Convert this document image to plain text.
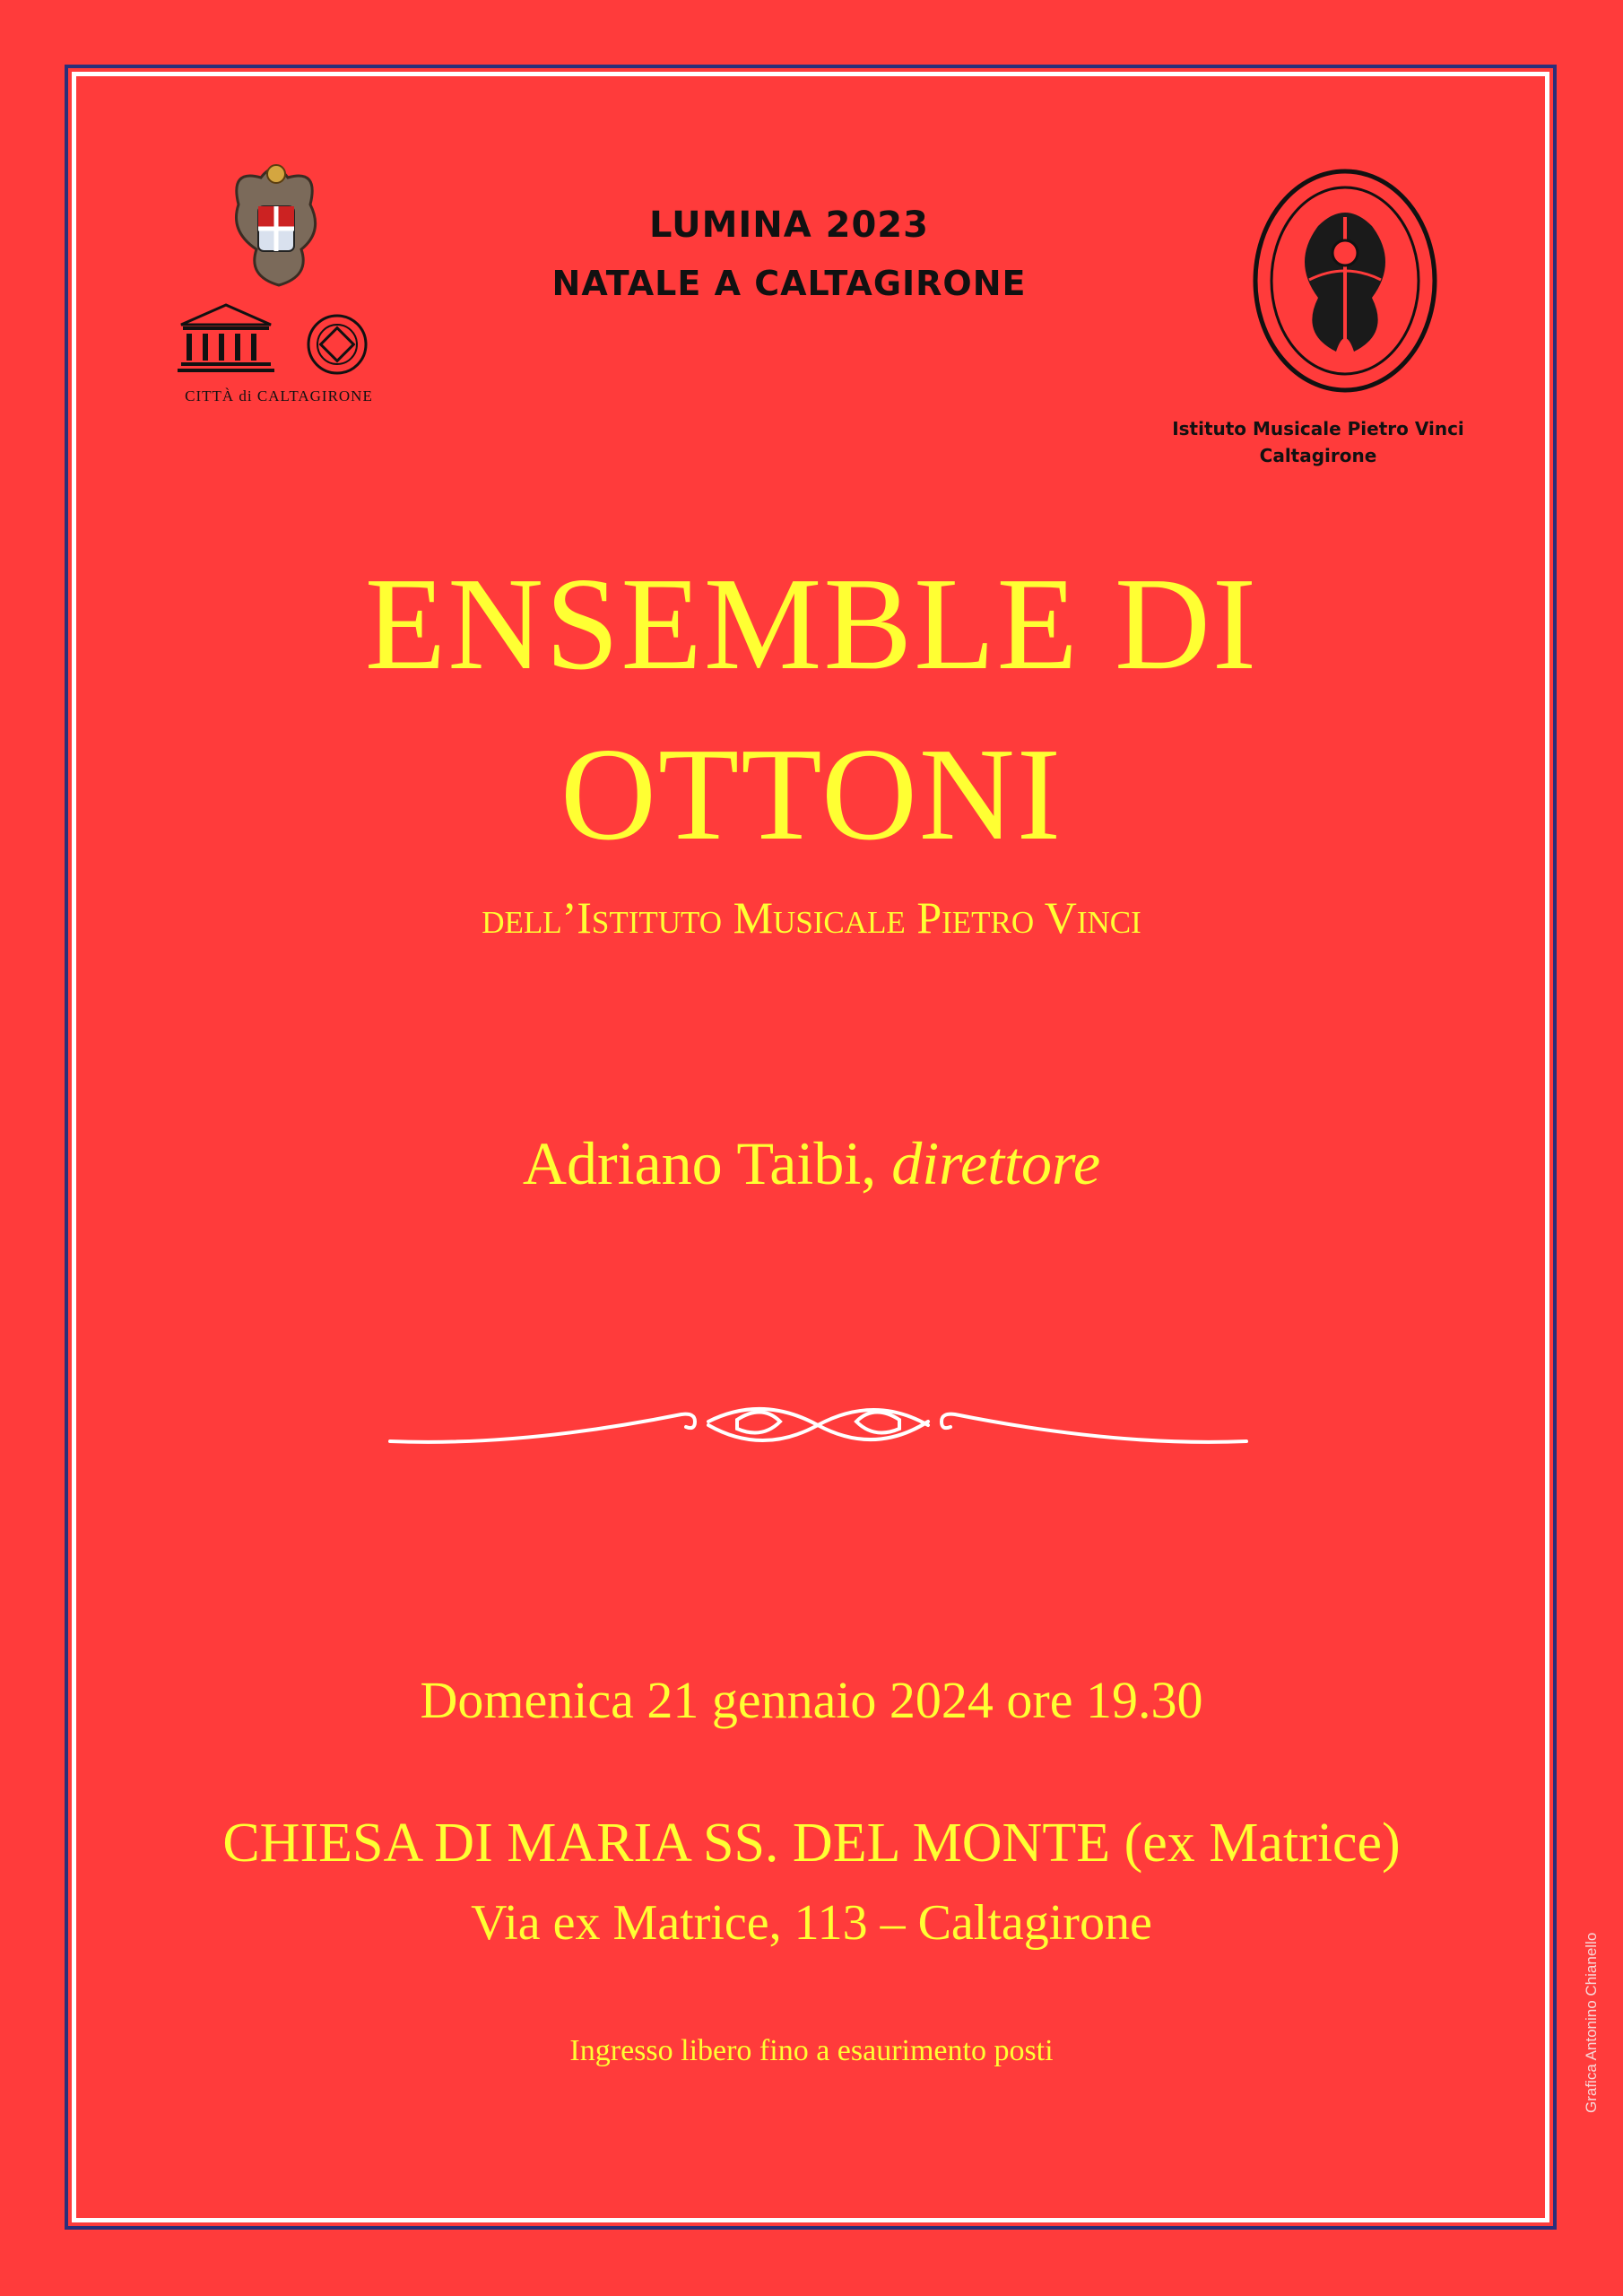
CITTÀ di CALTAGIRONE
LUMINA 2023
NATALE A CALTAGIRONE
Istituto Musicale Pietro Vinci
Caltagirone
ENSEMBLE DI
OTTONI
dell’Istituto Musicale Pietro Vinci
Adriano Taibi, direttore
Domenica 21 gennaio 2024 ore 19.30
CHIESA DI MARIA SS. DEL MONTE (ex Matrice)
Via ex Matrice, 113 – Caltagirone
Ingresso libero fino a esaurimento posti	Grafica Antonino Chianello
